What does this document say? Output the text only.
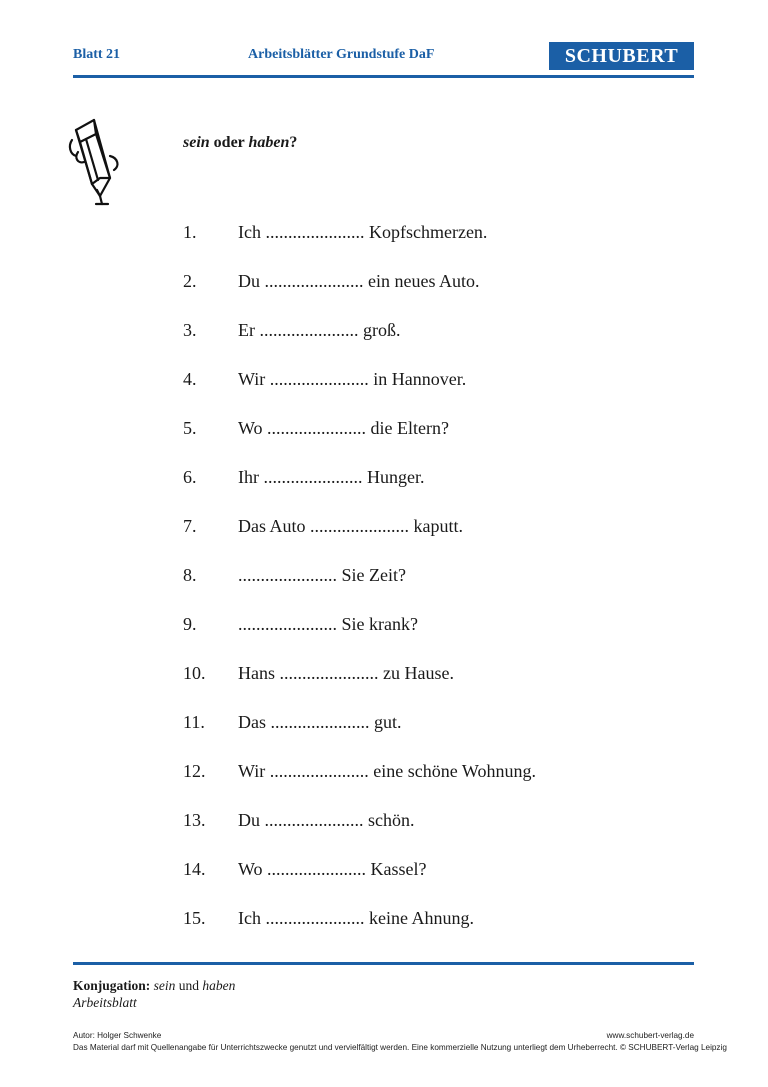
Blatt 21	Arbeitsblätter Grundstufe DaF	SCHUBERT
sein oder haben?
1.	Ich ...................... Kopfschmerzen.
2.	Du ...................... ein neues Auto.
3.	Er ...................... groß.
4.	Wir ...................... in Hannover.
5.	Wo ...................... die Eltern?
6.	Ihr ...................... Hunger.
7.	Das Auto ...................... kaputt.
8.	...................... Sie Zeit?
9.	...................... Sie krank?
10.	Hans ...................... zu Hause.
11.	Das ...................... gut.
12.	Wir ...................... eine schöne Wohnung.
13.	Du ...................... schön.
14.	Wo ...................... Kassel?
15.	Ich ...................... keine Ahnung.
Konjugation: sein und haben
Arbeitsblatt
Autor: Holger Schwenke	www.schubert-verlag.de
Das Material darf mit Quellenangabe für Unterrichtszwecke genutzt und vervielfältigt werden. Eine kommerzielle Nutzung unterliegt dem Urheberrecht. © SCHUBERT-Verlag Leipzig
